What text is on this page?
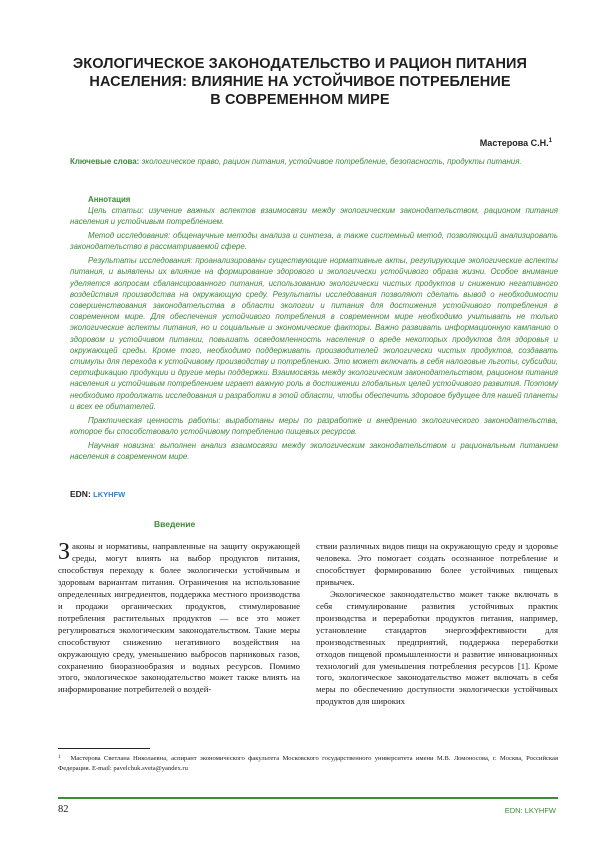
ЭКОЛОГИЧЕСКОЕ ЗАКОНОДАТЕЛЬСТВО И РАЦИОН ПИТАНИЯ
НАСЕЛЕНИЯ: ВЛИЯНИЕ НА УСТОЙЧИВОЕ ПОТРЕБЛЕНИЕ
В СОВРЕМЕННОМ МИРЕ
Мастерова С.Н.$^1$
Ключевые слова: экологическое право, рацион питания, устойчивое потребление, безопасность, продукты питания.
Аннотация

Цель статьи: изучение важных аспектов взаимосвязи между экологическим законодательством, рационом питания населения и устойчивым потреблением.

Метод исследования: общенаучные методы анализа и синтеза, а также системный метод, позволяющий анализировать законодательство в рассматриваемой сфере.

Результаты исследования: проанализированы существующие нормативные акты, регулирующие экологические аспекты питания, и выявлены их влияние на формирование здорового и экологически устойчивого образа жизни. Особое внимание уделяется вопросам сбалансированного питания, использованию экологически чистых продуктов и снижению негативного воздействия производства на окружающую среду. Результаты исследования позволяют сделать вывод о необходимости совершенствования законодательства в области экологии и питания для достижения устойчивого потребления в современном мире. Для обеспечения устойчивого потребления в современном мире необходимо учитывать не только экологические аспекты питания, но и социальные и экономические факторы. Важно развивать информационную кампанию о здоровом и устойчивом питании, повышать осведомленность населения о вреде некоторых продуктов для здоровья и окружающей среды. Кроме того, необходимо поддерживать производителей экологически чистых продуктов, создавать стимулы для перехода к устойчивому производству и потреблению. Это может включать в себя налоговые льготы, субсидии, сертификацию продукции и другие меры поддержки. Взаимосвязь между экологическим законодательством, рационом питания населения и устойчивым потреблением играет важную роль в достижении глобальных целей устойчивого развития. Поэтому необходимо продолжать исследования и разработки в этой области, чтобы обеспечить здоровое будущее для нашей планеты и всех ее обитателей.

Практическая ценность работы: выработаны меры по разработке и внедрению экологического законодательства, которое бы способствовало устойчивому потреблению пищевых ресурсов.

Научная новизна: выполнен анализ взаимосвязи между экологическим законодательством и рациональным питанием населения в современном мире.

EDN: LKYHFW
Введение

Законы и нормативы, направленные на защиту окружающей среды, могут влиять на выбор продуктов питания, способствуя переходу к более экологически устойчивым и здоровым вариантам питания. Ограничения на использование определенных ингредиентов, поддержка местного производства и продажи органических продуктов, стимулирование потребления растительных продуктов — все это может регулироваться экологическим законодательством. Такие меры способствуют снижению негативного воздействия на окружающую среду, уменьшению выбросов парниковых газов, сохранению биоразнообразия и водных ресурсов. Помимо этого, экологическое законодательство может также влиять на информирование потребителей о воздей-

ствии различных видов пищи на окружающую среду и здоровье человека. Это помогает создать осознанное потребление и способствует формированию более устойчивых пищевых привычек.

Экологическое законодательство может также включать в себя стимулирование развития устойчивых практик производства и переработки продуктов питания, например, установление стандартов энергоэффективности для производственных предприятий, поддержка переработки отходов пищевой промышленности и развитие инновационных технологий для уменьшения потребления ресурсов [1]. Кроме того, экологическое законодательство может включать в себя меры по обеспечению доступности экологически устойчивых продуктов для широких

$^1$ Мастерова Светлана Николаевна, аспирант экономического факультета Московского государственного университета имени М.В. Ломоносова, г. Москва, Российская Федерация. E-mail: pavelchuk.sveta@yandex.ru
82	EDN: LKYHFW
